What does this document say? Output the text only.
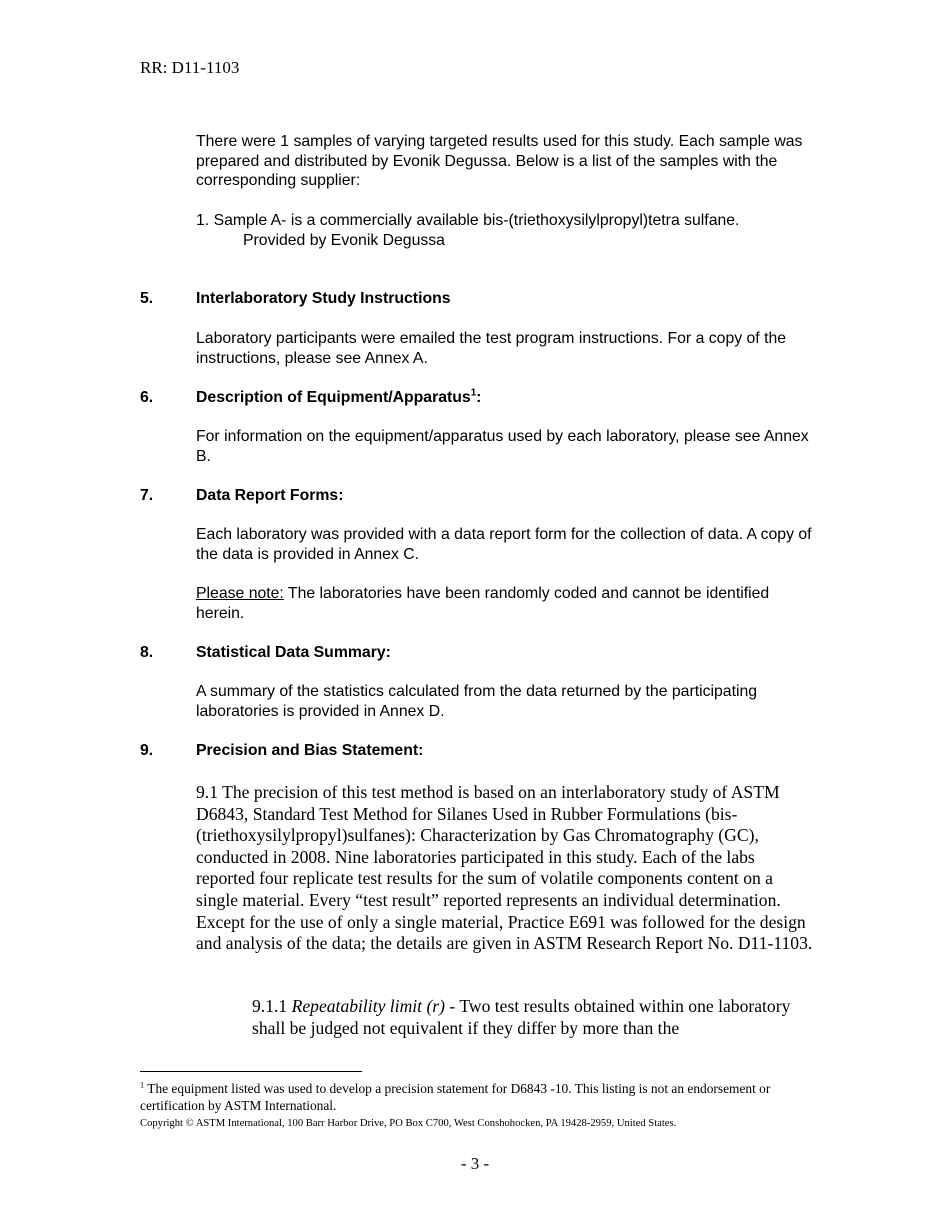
RR: D11-1103
There were 1 samples of varying targeted results used for this study. Each sample was prepared and distributed by Evonik Degussa. Below is a list of the samples with the corresponding supplier:
1. Sample A- is a commercially available bis-(triethoxysilylpropyl)tetra sulfane.
Provided by Evonik Degussa
5.	Interlaboratory Study Instructions
Laboratory participants were emailed the test program instructions. For a copy of the instructions, please see Annex A.
6.	Description of Equipment/Apparatus$^1$:
For information on the equipment/apparatus used by each laboratory, please see Annex B.
7.	Data Report Forms:
Each laboratory was provided with a data report form for the collection of data. A copy of the data is provided in Annex C.
Please note: The laboratories have been randomly coded and cannot be identified herein.
8.	Statistical Data Summary:
A summary of the statistics calculated from the data returned by the participating laboratories is provided in Annex D.
9.	Precision and Bias Statement:
9.1 The precision of this test method is based on an interlaboratory study of ASTM D6843, Standard Test Method for Silanes Used in Rubber Formulations (bis-(triethoxysilylpropyl)sulfanes): Characterization by Gas Chromatography (GC), conducted in 2008. Nine laboratories participated in this study. Each of the labs reported four replicate test results for the sum of volatile components content on a single material. Every “test result” reported represents an individual determination. Except for the use of only a single material, Practice E691 was followed for the design and analysis of the data; the details are given in ASTM Research Report No. D11-1103.
9.1.1 Repeatability limit (r) - Two test results obtained within one laboratory shall be judged not equivalent if they differ by more than the
$^1$ The equipment listed was used to develop a precision statement for D6843 -10. This listing is not an endorsement or certification by ASTM International.
Copyright © ASTM International, 100 Barr Harbor Drive, PO Box C700, West Conshohocken, PA 19428-2959, United States.
- 3 -
